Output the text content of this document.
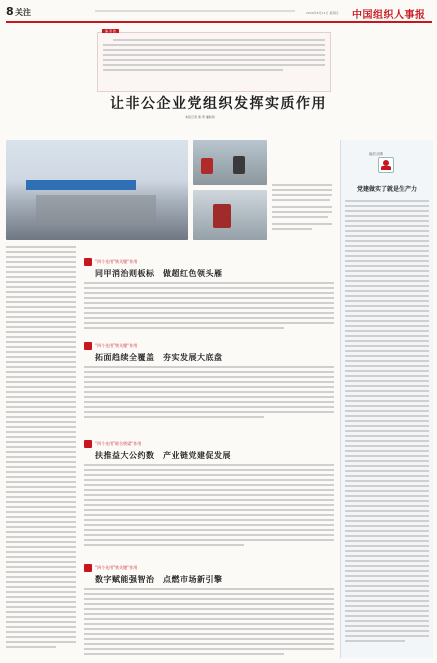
8 关注	2020年6月11日 星期四 中国组织人事报
编 者 按
让非公企业党组织发挥实质作用
本报记者 黄 青 潘粒和
编后点睛
党建做实了就是生产力
“四个先用”铁关键“作用
同甲消治则板标　做超红色领头雁
“四个先用”铁关键“作用
拓面趋续全覆盖　夯实发展大底盘
“四个先用”联合桥梁“作用
扶推益大公约数　产业链党建促发展
“四个先用”铁关键“作用
数字赋能强智治　点燃市场新引擎
